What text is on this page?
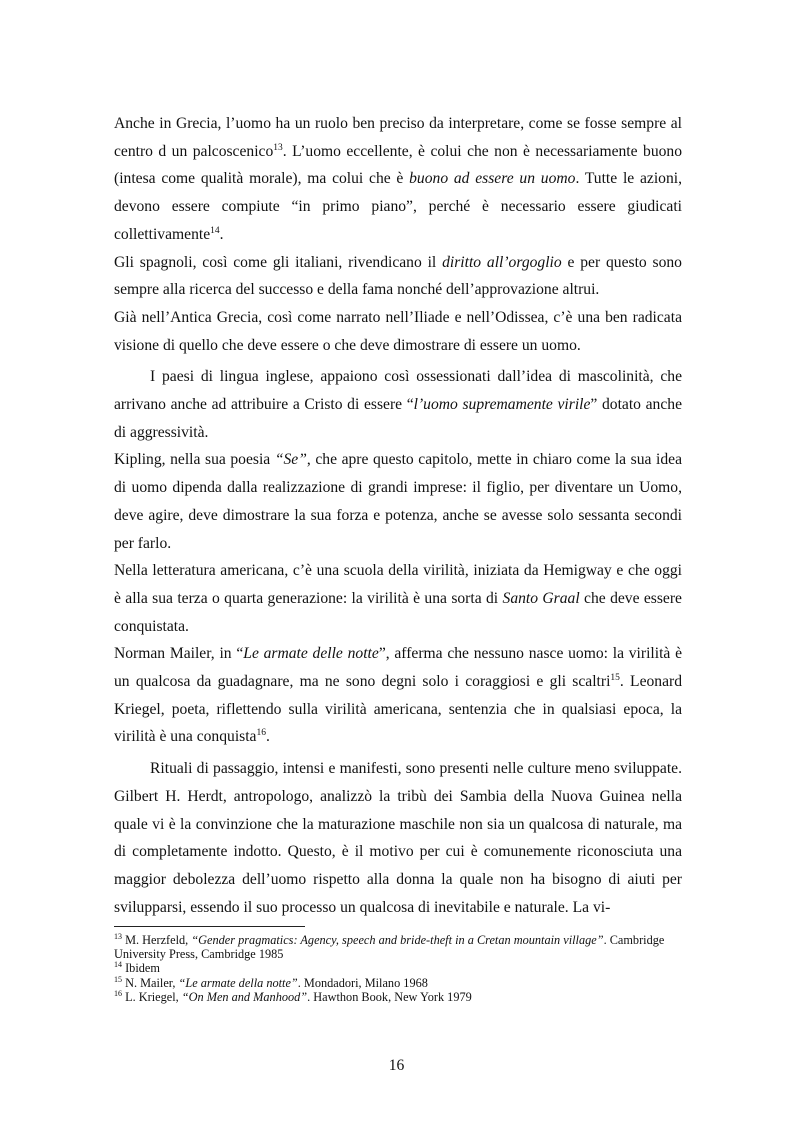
Anche in Grecia, l’uomo ha un ruolo ben preciso da interpretare, come se fosse sempre al centro d un palcoscenico$^{13}$. L’uomo eccellente, è colui che non è necessariamente buono (intesa come qualità morale), ma colui che è buono ad essere un uomo. Tutte le azioni, devono essere compiute “in primo piano”, perché è necessario essere giudicati collettivamente$^{14}$.

Gli spagnoli, così come gli italiani, rivendicano il diritto all’orgoglio e per questo sono sempre alla ricerca del successo e della fama nonché dell’approvazione altrui.

Già nell’Antica Grecia, così come narrato nell’Iliade e nell’Odissea, c’è una ben radicata visione di quello che deve essere o che deve dimostrare di essere un uomo.

I paesi di lingua inglese, appaiono così ossessionati dall’idea di mascolinità, che arrivano anche ad attribuire a Cristo di essere “l’uomo supremamente virile” dotato anche di aggressività.

Kipling, nella sua poesia “Se”, che apre questo capitolo, mette in chiaro come la sua idea di uomo dipenda dalla realizzazione di grandi imprese: il figlio, per diventare un Uomo, deve agire, deve dimostrare la sua forza e potenza, anche se avesse solo sessanta secondi per farlo.

Nella letteratura americana, c’è una scuola della virilità, iniziata da Hemigway e che oggi è alla sua terza o quarta generazione: la virilità è una sorta di Santo Graal che deve essere conquistata.

Norman Mailer, in “Le armate delle notte”, afferma che nessuno nasce uomo: la virilità è un qualcosa da guadagnare, ma ne sono degni solo i coraggiosi e gli scaltri$^{15}$. Leonard Kriegel, poeta, riflettendo sulla virilità americana, sentenzia che in qualsiasi epoca, la virilità è una conquista$^{16}$.

Rituali di passaggio, intensi e manifesti, sono presenti nelle culture meno sviluppate. Gilbert H. Herdt, antropologo, analizzò la tribù dei Sambia della Nuova Guinea nella quale vi è la convinzione che la maturazione maschile non sia un qualcosa di naturale, ma di completamente indotto. Questo, è il motivo per cui è comunemente riconosciuta una maggior debolezza dell’uomo rispetto alla donna la quale non ha bisogno di aiuti per svilupparsi, essendo il suo processo un qualcosa di inevitabile e naturale. La vi-

$^{13}$ M. Herzfeld, “Gender pragmatics: Agency, speech and bride-theft in a Cretan mountain village”. Cambridge University Press, Cambridge 1985
$^{14}$ Ibidem
$^{15}$ N. Mailer, “Le armate della notte”. Mondadori, Milano 1968
$^{16}$ L. Kriegel, “On Men and Manhood”. Hawthon Book, New York 1979
16
